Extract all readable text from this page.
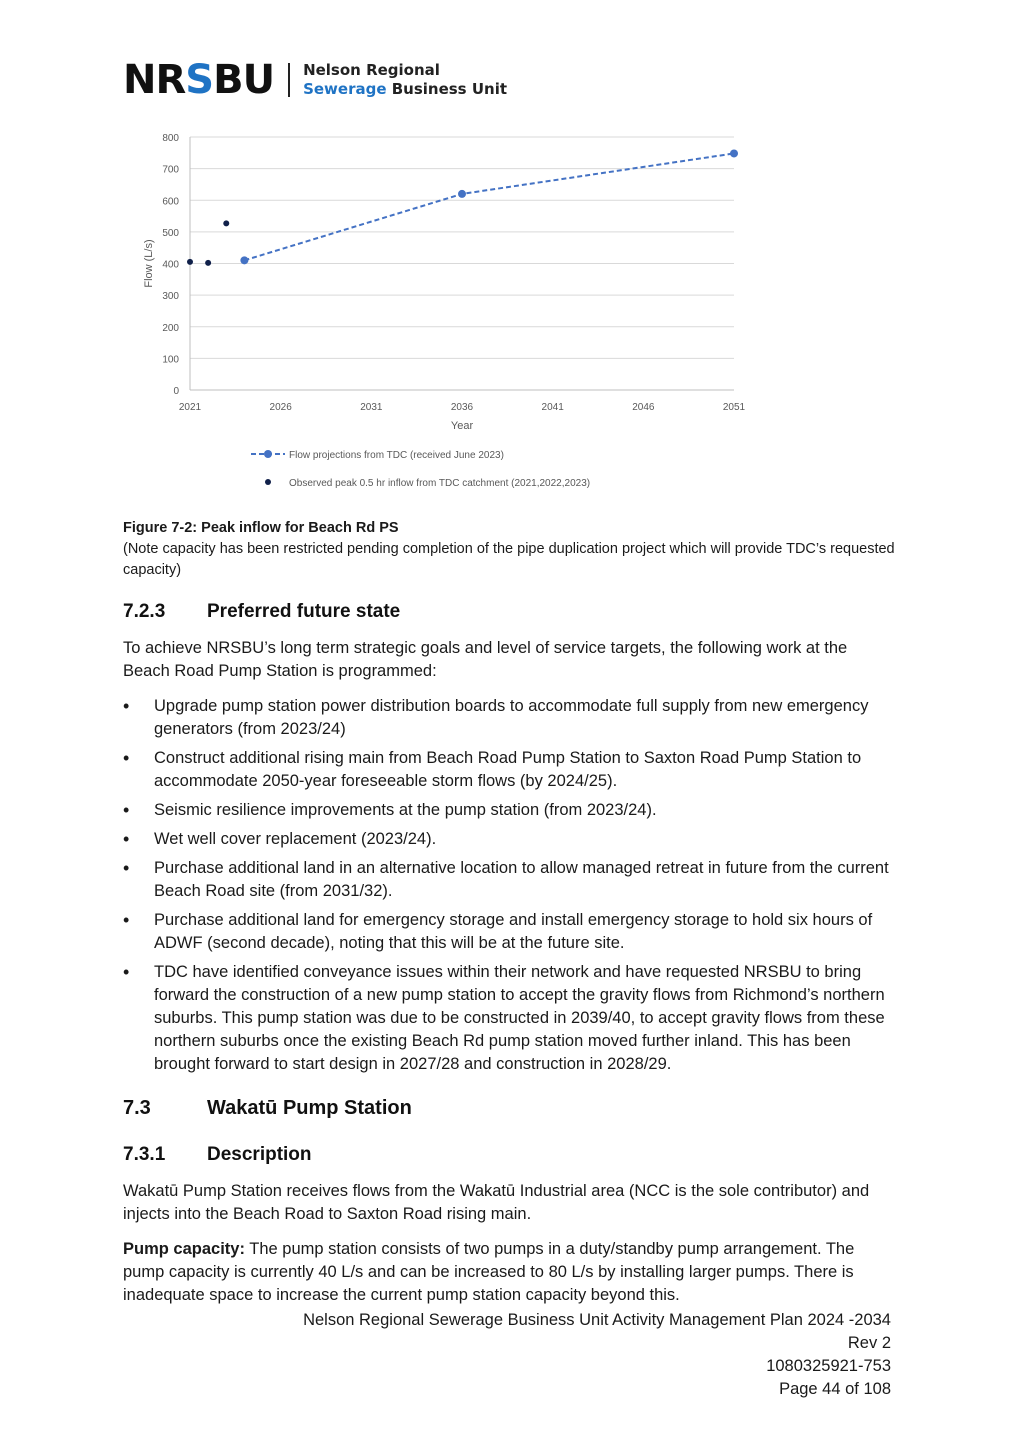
NRSBU Nelson Regional
Sewerage Business Unit
0
100
200
300
400
500
600
700
800
2021	2026	2031	2036	2041	2046	2051
Year
Flow (L/s)
Flow projections from TDC (received June 2023)
Observed peak 0.5 hr inflow from TDC catchment (2021,2022,2023)
Figure 7-2: Peak inflow for Beach Rd PS
(Note capacity has been restricted pending completion of the pipe duplication project which will provide TDC’s requested capacity)
7.2.3 Preferred future state
To achieve NRSBU’s long term strategic goals and level of service targets, the following work at the Beach Road Pump Station is programmed:
• Upgrade pump station power distribution boards to accommodate full supply from new emergency generators (from 2023/24)
• Construct additional rising main from Beach Road Pump Station to Saxton Road Pump Station to accommodate 2050-year foreseeable storm flows (by 2024/25).
• Seismic resilience improvements at the pump station (from 2023/24).
• Wet well cover replacement (2023/24).
• Purchase additional land in an alternative location to allow managed retreat in future from the current Beach Road site (from 2031/32).
• Purchase additional land for emergency storage and install emergency storage to hold six hours of ADWF (second decade), noting that this will be at the future site.
• TDC have identified conveyance issues within their network and have requested NRSBU to bring forward the construction of a new pump station to accept the gravity flows from Richmond’s northern suburbs. This pump station was due to be constructed in 2039/40, to accept gravity flows from these northern suburbs once the existing Beach Rd pump station moved further inland. This has been brought forward to start design in 2027/28 and construction in 2028/29.
7.3	Wakatū Pump Station
7.3.1 Description
Wakatū Pump Station receives flows from the Wakatū Industrial area (NCC is the sole contributor) and injects into the Beach Road to Saxton Road rising main.
Pump capacity: The pump station consists of two pumps in a duty/standby pump arrangement. The pump capacity is currently 40 L/s and can be increased to 80 L/s by installing larger pumps. There is inadequate space to increase the current pump station capacity beyond this.
Nelson Regional Sewerage Business Unit Activity Management Plan 2024 -2034
Rev 2
1080325921-753
Page 44 of 108
